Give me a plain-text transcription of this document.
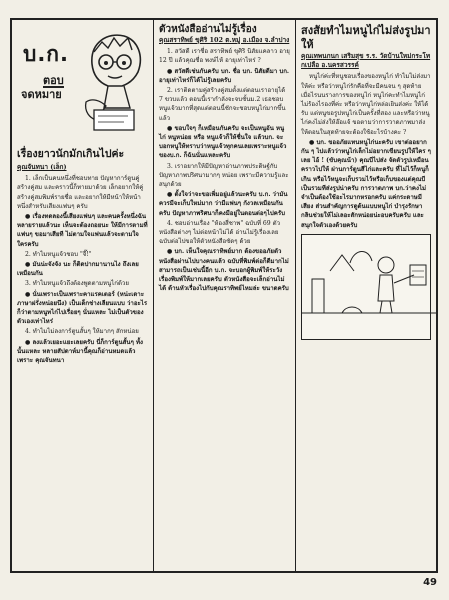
บ.ก.
ตอบ
จดหมาย
เรื่องยาวนักมักเกินไปค่ะ
คุณจันทนา (เล็ก)

1. เล็กเป็นคนหนึ่งที่ชอบทาย ปัญหาการ์ตูนคู่สร้างคู่สม และคราวนี้ก็ทายมาด้วย เล็กอยากให้คู่สร้างคู่สมพิมพ์รายชื่อ และอยากให้มีหน้าให้หน้าหนึ่งสำหรับเสียงแฟนๆ ครับ

● เรื่องทดลองนี้เสียงแฟนๆ และคนครั้งหนึ่งฉันหลายรายแล้วนะ เห็นจะต้องถอยนะ ให้มีการตามที่แฟนๆ ขอมาเสียที ไม่ตามใจแฟนแล้วจะตามใจใครครับ

2. ทำไมหนูแจ้วชอบ "จี๊!"

● มันน่ะจังจัง นะ ก็ติดปากมานานไง ถึงเลยเหมือนกัน

3. ทำไมหนูแจ้วถึงต้องพูดตามหนูไก่ด้วย

● นั่นเพราะเป็นเพราะคาแรคเตอร์ (หน่ะเดาะภาษาฝรั่งหน่อยนึง) เป็นเด็กช่างเลียนแบบ ว่าอะไรก็ว่าตามหนูทไก่ไปเรื่อยๆ นั่นแหละ ไม่เป็นตัวของตัวเองเท่าไหร่

4. ทำไมไม่ลงการ์ตูนสั้นๆ ให้มากๆ สักหน่อย

● ลงแล้วเยอะแยะเลยครับ นี่ก็การ์ตูนสั้นๆ ทั้งนั้นแหละ หลายสัปดาห์มานี้คุณก็อ่านหมดแล้วเพราะ คุณจันทนา

ตัวหนังสืออ่านไม่รู้เรื่อง
คุณสราทิพย์ ขุศิริ 102 ต.หมู่ อ.เมือง จ.ลำปาง

1. สวัสดี เราชื่อ สราทิพย์ ขุศิริ นิสัยแคลาว อายุ 12 ปี แล้วคุณชื่อ พงษ์ไห้ อายุเท่าไหร่ ?

● สวัสดีเช่นกันครับ บก. ชื่อ บก. นิสัยดีมา บก. อายุเท่าไหร่ก็ได้ไม่รู้เลยครับ

2. เราติดตามคู่สร้างคู่สมตั้งแต่ตอนเราอายุได้ 7 ขวบแล้ว ตอนนี้เรากำลังจะจบชั้นม.2 เธอชอบหนูแจ้วมากที่สุดแต่ตอนนี้ชักจะชอบหนูไก่มากขึ้นแล้ว

● ขอบใจๆ ก็เหมือนกันครับ จะเป็นหนูอัน หนูไก่ หนูหน่อย หรือ หนูแจ้วก็ให้ชื่นใจ แล้วบก. จะบอกหนูให้ทราบว่าหนูแจ้วทุกคนเลยเพราะหนูแจ้วของบ.ก. ก็ฉันนั่นแหละครับ

3. เราอยากให้มีปัญหาอ่านภาพประดิษฐ์กับปัญหาภาพปริศนามากๆ หน่อย เพราะมีความรู้และสนุกด้วย

● ตั้งใจว่าจะขอเพิ่มอยู่แล้วนะครับ บ.ก. ว่ามันควรมีจะเก็บใหม่มาก ว่ามีแฟนๆ กังวลเหมือนกันครับ ปัญหาภาพริศนาก็คงมีอยู่ในตอนต่อๆไปครับ

4. ชอบอ่านเรื่อง "ห้องสี่ชาพ" ฉบับที่ 69 ตัวหนังสือต่างๆ ไม่ต่อหน้าไม่ได้ อ่านไม่รู้เรื่องเลย ฉบับต่อไปขอให้ตัวหนังสือชัดๆ ด้วย

● บก. เห็นใจคุณราทิพย์มาก ต้องขออภัยตัวหนังสือผ่านไปบางคนแล้ว ฉบับที่พิมพ์ต่อก็ดีมากไม่สามารถเป็นเช่นนี้อีก บ.ก. จะบอกผู้พิมพ์ให้ระวังเรื่องพิมพ์ให้มากเลยครับ ตัวหนังสือจะเล็กอ่านไม่ได้ ด้านหัวเรื่องไปกับคุณราทิพย์ไหมล่ะ ขนาดครับ

สงสัยทำไมหนูไก่ไม่ส่งรูปมาให้
คุณเทพนกนก เสริมสุข ร.ร. วัดบ้านใหม่กระโทกเปลือ อ.นครสวรรค์

หนูไก่ค่ะที่หนูชอบเรื่องของหนูไก่ ทำไมไม่ส่งมาให้ค่ะ หรือว่าหนูไก่รักคือที่จะมีคนจน ๆ สุดท้ายเมื่อไรนนรางการของหนูไก่ หนูไก่คะทำไมหนูไก่ไม่ร้องไรองที่ค่ะ หรือว่าหนูไก่หล่อเยินส่งค่ะ ให้ได้รับ แต่หนูขอรูปหนูไก่เป็นครั้งที่สอง และหรือว่าหนูไก่คงไม่ส่งให้ฮ๊อแจ้ ขอตามว่าการวาดภาพมาส่งให้ตอนในสุดท้ายจะต้องใช้อะไรบ้างคะ ?

● บก. ขออภัยแทนหนูไก่นะครับ เขาต่ออยากกัน ๆ ไปแล้วว่าหนูไก่เล็กไม่อยากเขียนรูปให้ใคร ๆ เลย ไอ้ ! (ขับคุณน้า) คุณบีไปส่ง จัดตัวรูปเหมือนคราวไปให้ ผ่านการ์ตูนสีไก่และครับ ที่ไม่ไว้ก็หนูก็เกิน หรือไว้หนูจะเก็บรวมไว้หรือเก็บของแต่คุณบีเป็นรวมทีส่งรูปน่าครับ การวาดภาพ บก.ว่าคงไม่จำเป็นต้องใช้อะไรมากหรอกครับ แค่กระดาษมีเสียง ส่วนสำคัญการดูต้นแบบหนูไก่ บำรุงรักษากลินช่วยให้ไม่เลอะสักหน่อยน่ะอบครับครับ และสนุกใจตัวเองด้วยครับ

49
